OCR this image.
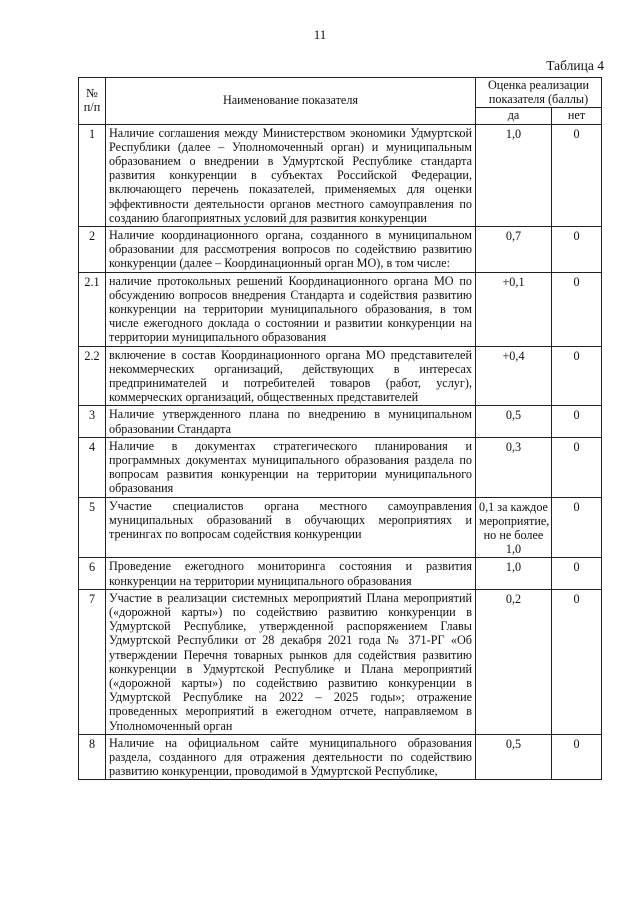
11
Таблица 4
№ п/п	Наименование показателя	Оценка реализации показателя (баллы)	
		да	нет
1	Наличие соглашения между Министерством экономики Удмуртской Республики (далее – Уполномоченный орган) и муниципальным образованием о внедрении в Удмуртской Республике стандарта развития конкуренции в субъектах Российской Федерации, включающего перечень показателей, применяемых для оценки эффективности деятельности органов местного самоуправления по созданию благоприятных условий для развития конкуренции	1,0	0
2	Наличие координационного органа, созданного в муниципальном образовании для рассмотрения вопросов по содействию развитию конкуренции (далее – Координационный орган МО), в том числе:	0,7	0
2.1	наличие протокольных решений Координационного органа МО по обсуждению вопросов внедрения Стандарта и содействия развитию конкуренции на территории муниципального образования, в том числе ежегодного доклада о состоянии и развитии конкуренции на территории муниципального образования	+0,1	0
2.2	включение в состав Координационного органа МО представителей некоммерческих организаций, действующих в интересах предпринимателей и потребителей товаров (работ, услуг), коммерческих организаций, общественных представителей	+0,4	0
3	Наличие утвержденного плана по внедрению в муниципальном образовании Стандарта	0,5	0
4	Наличие в документах стратегического планирования и программных документах муниципального образования раздела по вопросам развития конкуренции на территории муниципального образования	0,3	0
5	Участие специалистов органа местного самоуправления муниципальных образований в обучающих мероприятиях и тренингах по вопросам содействия конкуренции	0,1 за каждое мероприятие, но не более 1,0	0
6	Проведение ежегодного мониторинга состояния и развития конкуренции на территории муниципального образования	1,0	0
7	Участие в реализации системных мероприятий Плана мероприятий («дорожной карты») по содействию развитию конкуренции в Удмуртской Республике, утвержденной распоряжением Главы Удмуртской Республики от 28 декабря 2021 года № 371-РГ «Об утверждении Перечня товарных рынков для содействия развитию конкуренции в Удмуртской Республике и Плана мероприятий («дорожной карты») по содействию развитию конкуренции в Удмуртской Республике на 2022 – 2025 годы»; отражение проведенных мероприятий в ежегодном отчете, направляемом в Уполномоченный орган	0,2	0
8	Наличие на официальном сайте муниципального образования раздела, созданного для отражения деятельности по содействию развитию конкуренции, проводимой в Удмуртской Республике,	0,5	0
